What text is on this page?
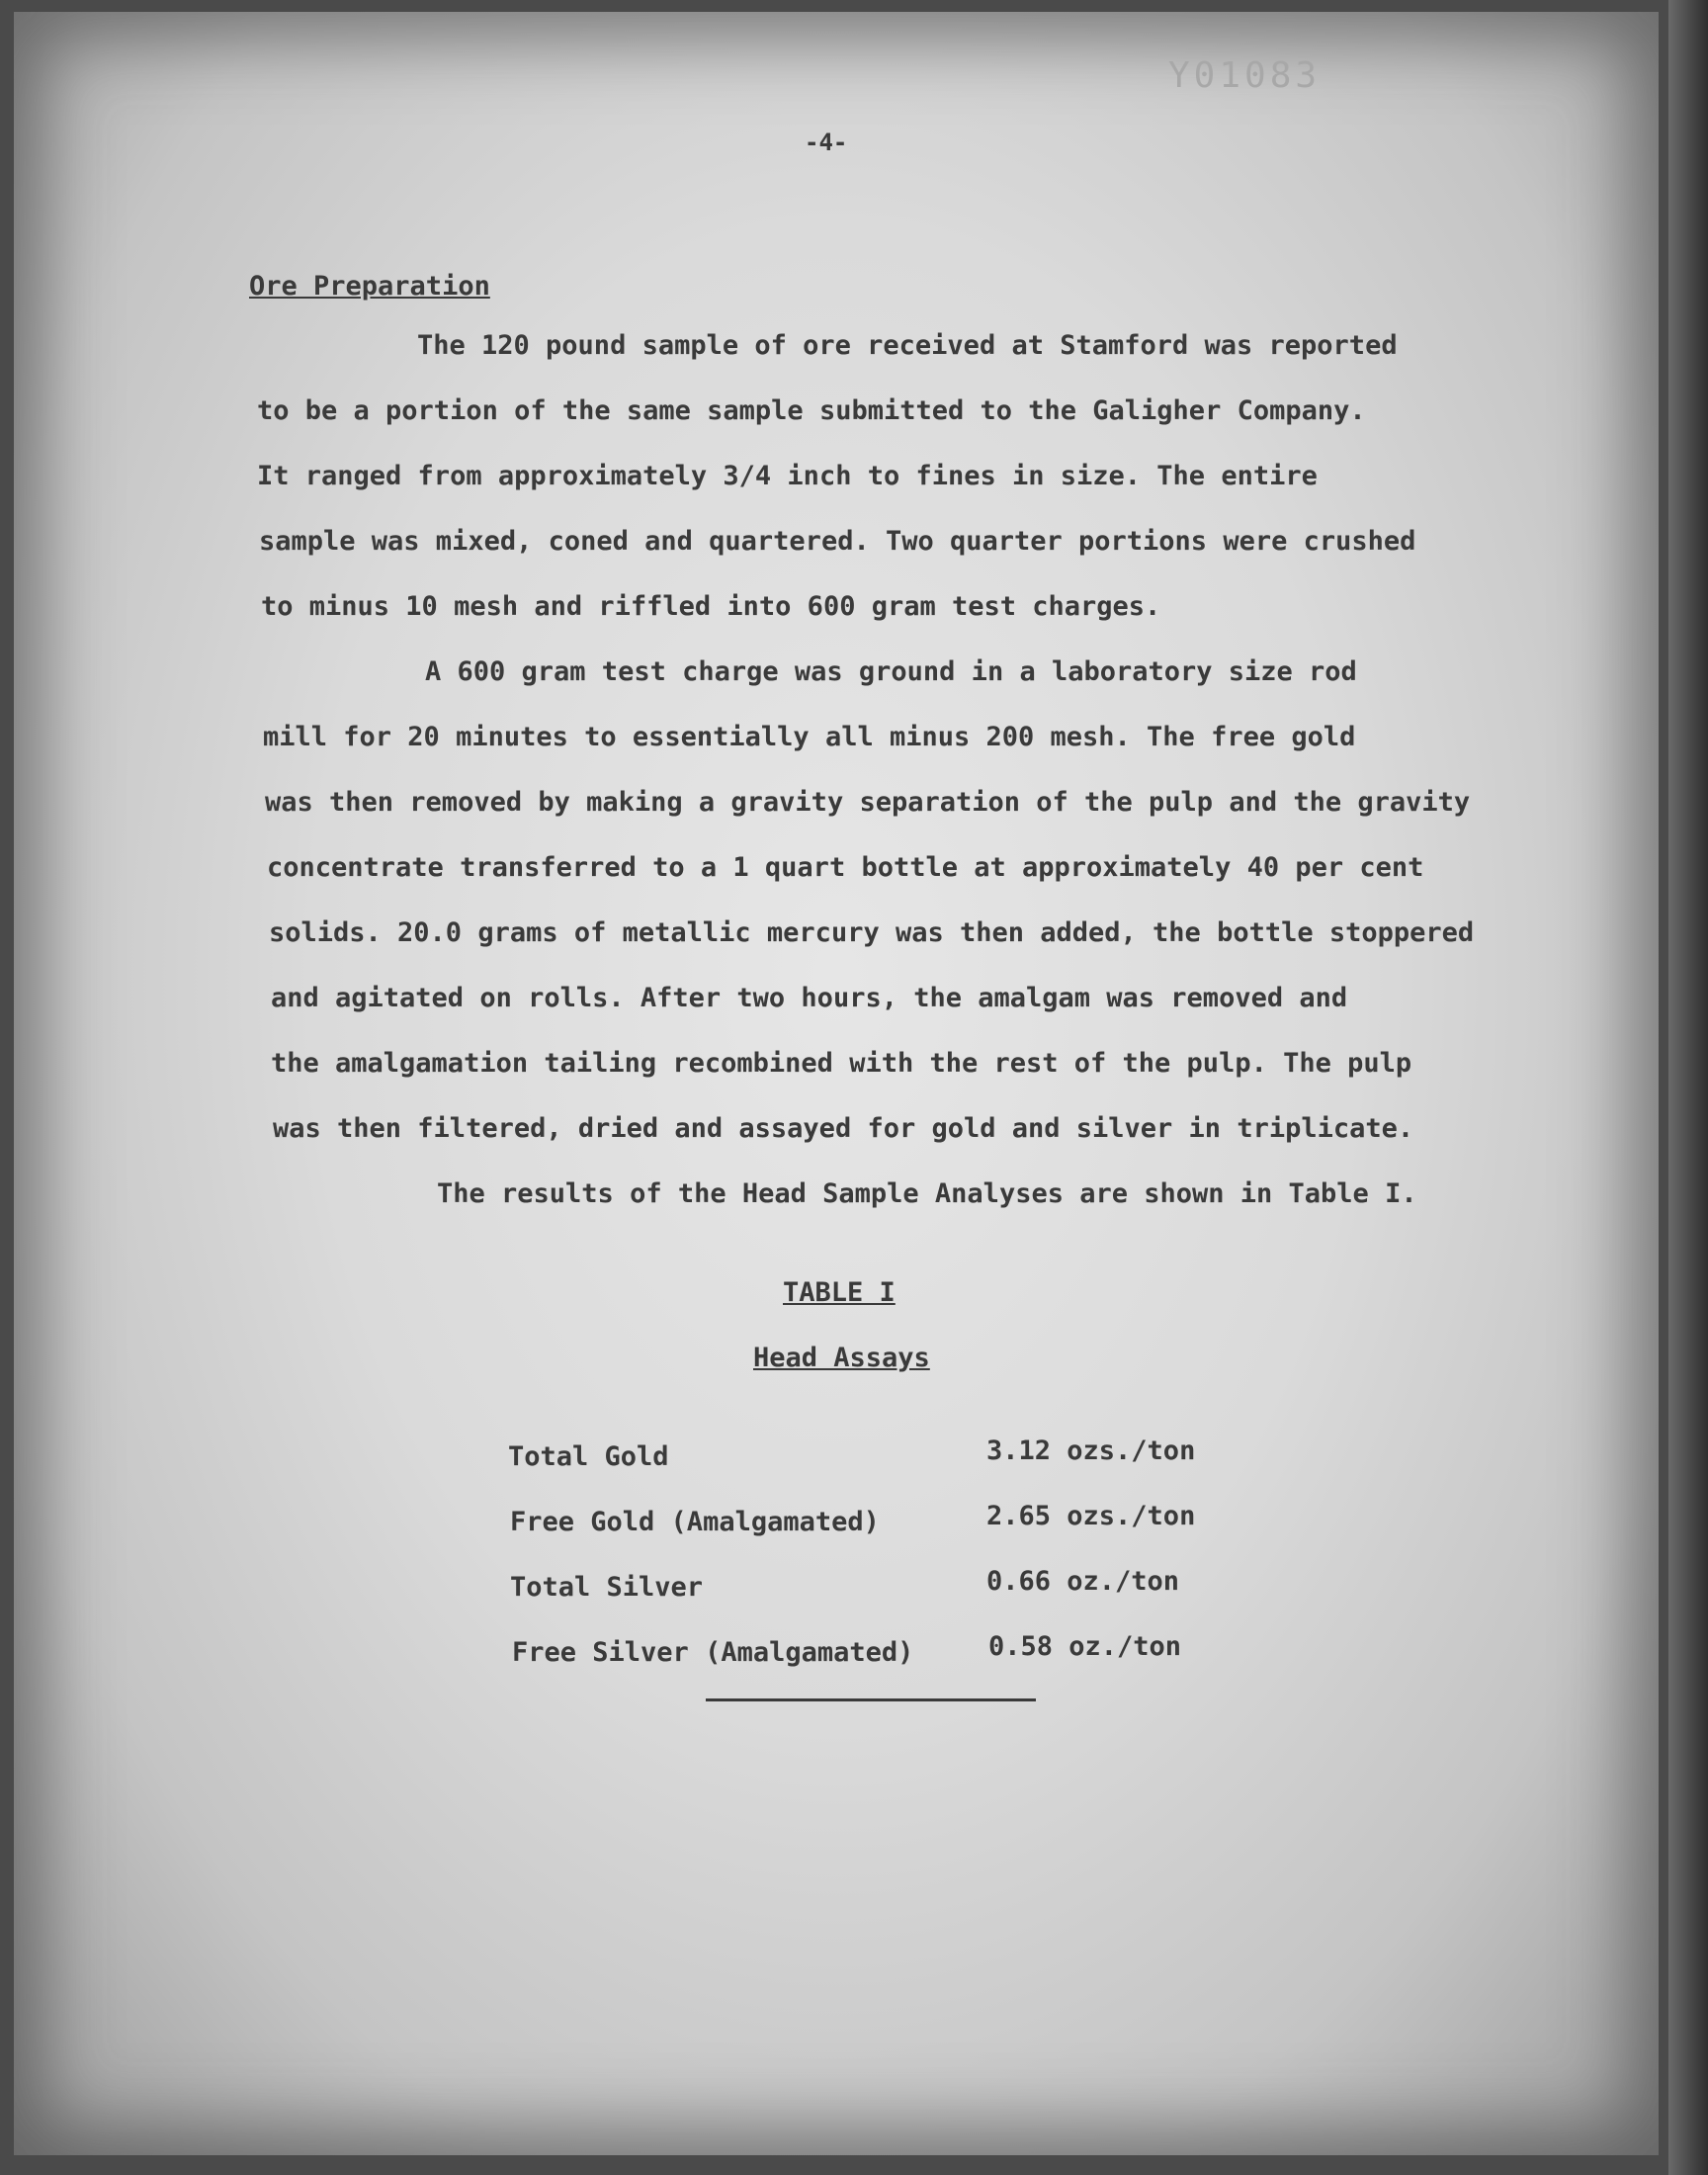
Y01083
-4-
Ore Preparation
The 120 pound sample of ore received at Stamford was reported
to be a portion of the same sample submitted to the Galigher Company.
It ranged from approximately 3/4 inch to fines in size. The entire
sample was mixed, coned and quartered. Two quarter portions were crushed
to minus 10 mesh and riffled into 600 gram test charges.
A 600 gram test charge was ground in a laboratory size rod
mill for 20 minutes to essentially all minus 200 mesh. The free gold
was then removed by making a gravity separation of the pulp and the gravity
concentrate transferred to a 1 quart bottle at approximately 40 per cent
solids. 20.0 grams of metallic mercury was then added, the bottle stoppered
and agitated on rolls. After two hours, the amalgam was removed and
the amalgamation tailing recombined with the rest of the pulp. The pulp
was then filtered, dried and assayed for gold and silver in triplicate.
The results of the Head Sample Analyses are shown in Table I.
TABLE I
Head Assays
Total Gold	3.12 ozs./ton
Free Gold (Amalgamated)	2.65 ozs./ton
Total Silver	0.66 oz./ton
Free Silver (Amalgamated)	0.58 oz./ton
